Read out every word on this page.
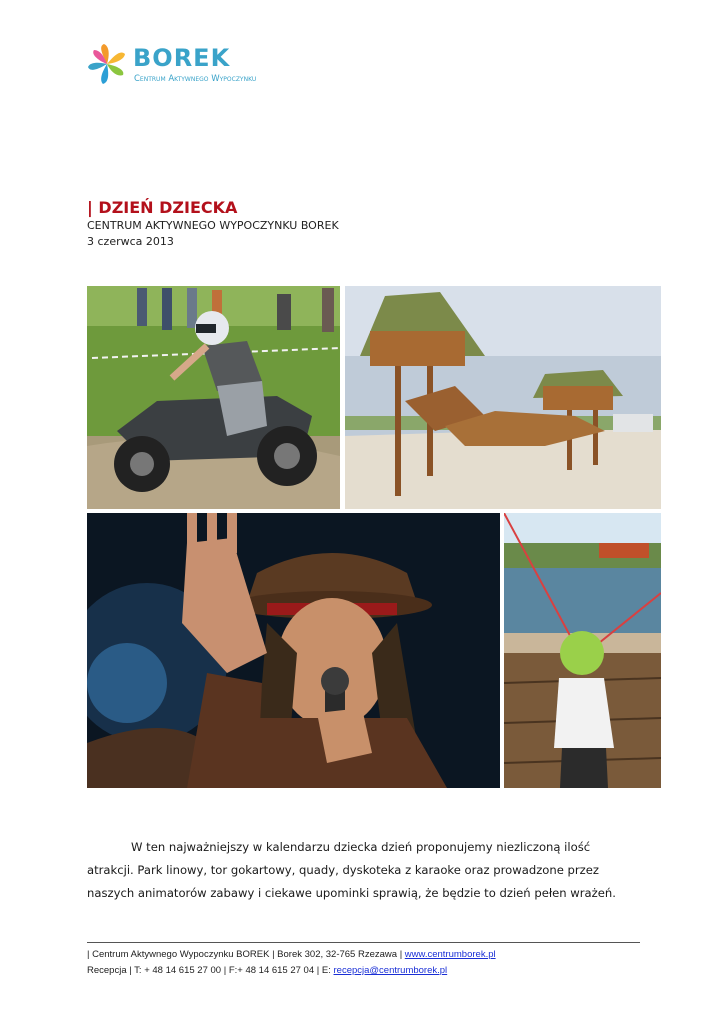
BOREK
Centrum Aktywnego Wypoczynku

| DZIEŃ DZIECKA

CENTRUM AKTYWNEGO WYPOCZYNKU BOREK

3 czerwca 2013

W ten najważniejszy w kalendarzu dziecka dzień proponujemy niezliczoną ilość
atrakcji. Park linowy, tor gokartowy, quady, dyskoteka z karaoke oraz prowadzone przez
naszych animatorów zabawy i ciekawe upominki sprawią, że będzie to dzień pełen wrażeń.
| Centrum Aktywnego Wypoczynku BOREK | Borek 302, 32-765 Rzezawa | www.centrumborek.pl
Recepcja | T: + 48 14 615 27 00 | F:+ 48 14 615 27 04 | E: recepcja@centrumborek.pl
